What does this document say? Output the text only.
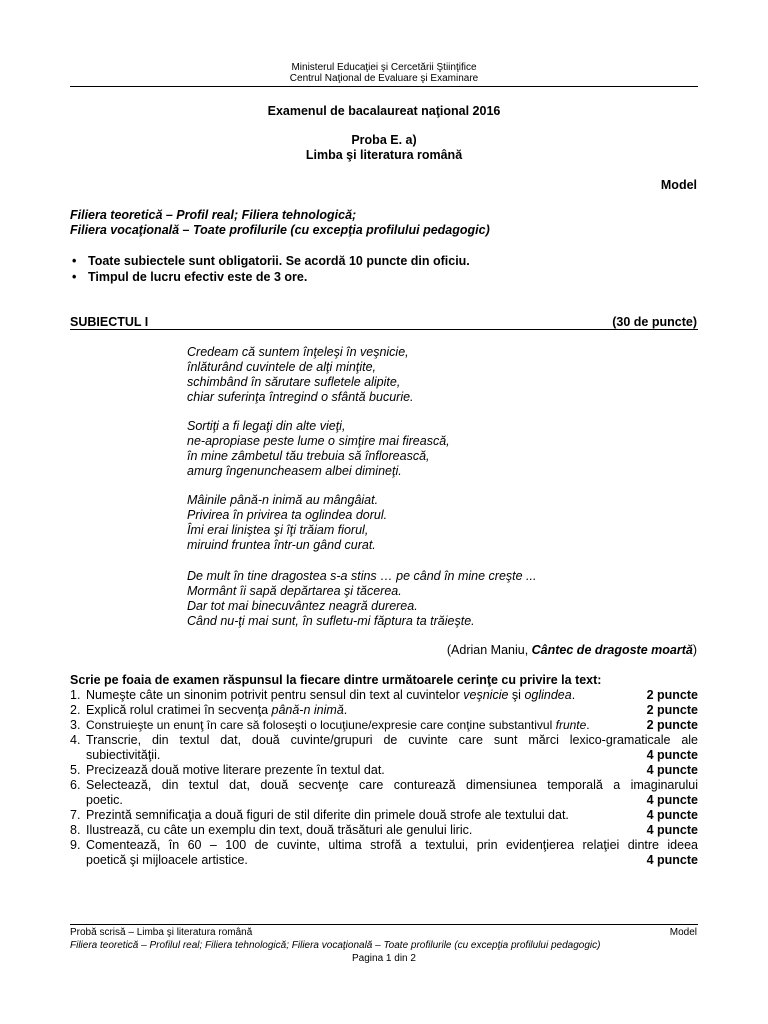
Ministerul Educaţiei şi Cercetării Ştiinţifice
Centrul Naţional de Evaluare şi Examinare
Examenul de bacalaureat naţional 2016
Proba E. a)
Limba şi literatura română
Model
Filiera teoretică – Profil real; Filiera tehnologică;
Filiera vocaţională – Toate profilurile (cu excepţia profilului pedagogic)
• Toate subiectele sunt obligatorii. Se acordă 10 puncte din oficiu.
• Timpul de lucru efectiv este de 3 ore.
SUBIECTUL I	(30 de puncte)
Credeam că suntem înţeleşi în veşnicie,
înlăturând cuvintele de alţi minţite,
schimbând în sărutare sufletele alipite,
chiar suferinţa întregind o sfântă bucurie.
Sortiţi a fi legaţi din alte vieţi,
ne-apropiase peste lume o simţire mai firească,
în mine zâmbetul tău trebuia să înflorească,
amurg îngenuncheasem albei dimineţi.
Mâinile până-n inimă au mângâiat.
Privirea în privirea ta oglindea dorul.
Îmi erai liniştea şi îţi trăiam fiorul,
miruind fruntea într-un gând curat.
De mult în tine dragostea s-a stins … pe când în mine creşte ...
Mormânt îi sapă depărtarea şi tăcerea.
Dar tot mai binecuvântez neagră durerea.
Când nu-ţi mai sunt, în sufletu-mi făptura ta trăieşte.
(Adrian Maniu, Cântec de dragoste moartă)
Scrie pe foaia de examen răspunsul la fiecare dintre următoarele cerinţe cu privire la text:
1. Numeşte câte un sinonim potrivit pentru sensul din text al cuvintelor veşnicie şi oglindea.	2 puncte
2. Explică rolul cratimei în secvenţa până-n inimă.	2 puncte
3. Construieşte un enunţ în care să foloseşti o locuţiune/expresie care conţine substantivul frunte.	2 puncte
4. Transcrie, din textul dat, două cuvinte/grupuri de cuvinte care sunt mărci lexico-gramaticale ale
subiectivităţii.	4 puncte
5. Precizează două motive literare prezente în textul dat.	4 puncte
6. Selectează, din textul dat, două secvenţe care conturează dimensiunea temporală a imaginarului
poetic.	4 puncte
7. Prezintă semnificaţia a două figuri de stil diferite din primele două strofe ale textului dat.	4 puncte
8. Ilustrează, cu câte un exemplu din text, două trăsături ale genului liric.	4 puncte
9. Comentează, în 60 – 100 de cuvinte, ultima strofă a textului, prin evidenţierea relaţiei dintre ideea
poetică şi mijloacele artistice.	4 puncte
Probă scrisă – Limba şi literatura română	Model
Filiera teoretică – Profilul real; Filiera tehnologică; Filiera vocaţională – Toate profilurile (cu excepţia profilului pedagogic)
Pagina 1 din 2
